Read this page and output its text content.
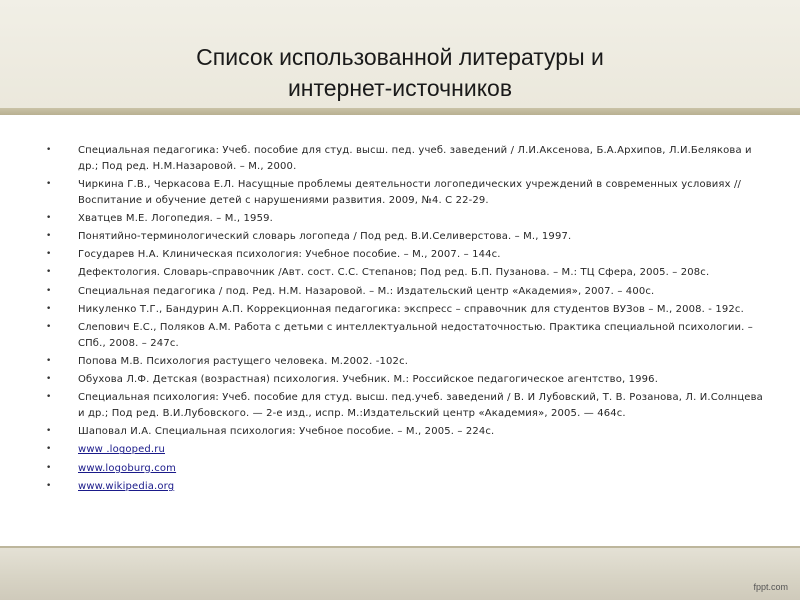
Список использованной литературы и
интернет-источников
•	Специальная педагогика: Учеб. пособие для студ. высш. пед. учеб. заведений / Л.И.Аксенова, Б.А.Архипов, Л.И.Белякова и др.; Под ред. Н.М.Назаровой. – М., 2000.
•	Чиркина Г.В., Черкасова Е.Л. Насущные проблемы деятельности логопедических учреждений в современных условиях // Воспитание и обучение детей с нарушениями развития. 2009, №4. С 22-29.
•	Хватцев М.Е. Логопедия. – М., 1959.
•	Понятийно-терминологический словарь логопеда / Под ред. В.И.Селиверстова. – М., 1997.
•	Государев Н.А. Клиническая психология: Учебное пособие. – М., 2007. – 144с.
•	Дефектология. Словарь-справочник /Авт. сост. С.С. Степанов; Под ред. Б.П. Пузанова. – М.: ТЦ Сфера, 2005. – 208с.
•	Специальная педагогика / под. Ред. Н.М. Назаровой. – М.: Издательский центр «Академия», 2007. – 400с.
•	Никуленко Т.Г., Бандурин А.П. Коррекционная педагогика: экспресс – справочник для студентов ВУЗов – М., 2008. - 192с.
•	Слепович Е.С., Поляков А.М. Работа с детьми с интеллектуальной недостаточностью. Практика специальной психологии. – СПб., 2008. – 247с.
•	Попова М.В. Психология растущего человека. М.2002. -102с.
•	Обухова Л.Ф. Детская (возрастная) психология. Учебник. М.: Российское педагогическое агентство, 1996.
•	Специальная психология: Учеб. пособие для студ. высш. пед.учеб. заведений / В. И Лубовский, Т. В. Розанова, Л. И.Солнцева и др.; Под ред. В.И.Лубовского. — 2-е изд., испр. М.:Издательский центр «Академия», 2005. — 464с.
•	Шаповал И.А. Специальная психология: Учебное пособие. – М., 2005. – 224с.
•	www .logoped.ru
•	www.logoburg.com
•	www.wikipedia.org
fppt.com
